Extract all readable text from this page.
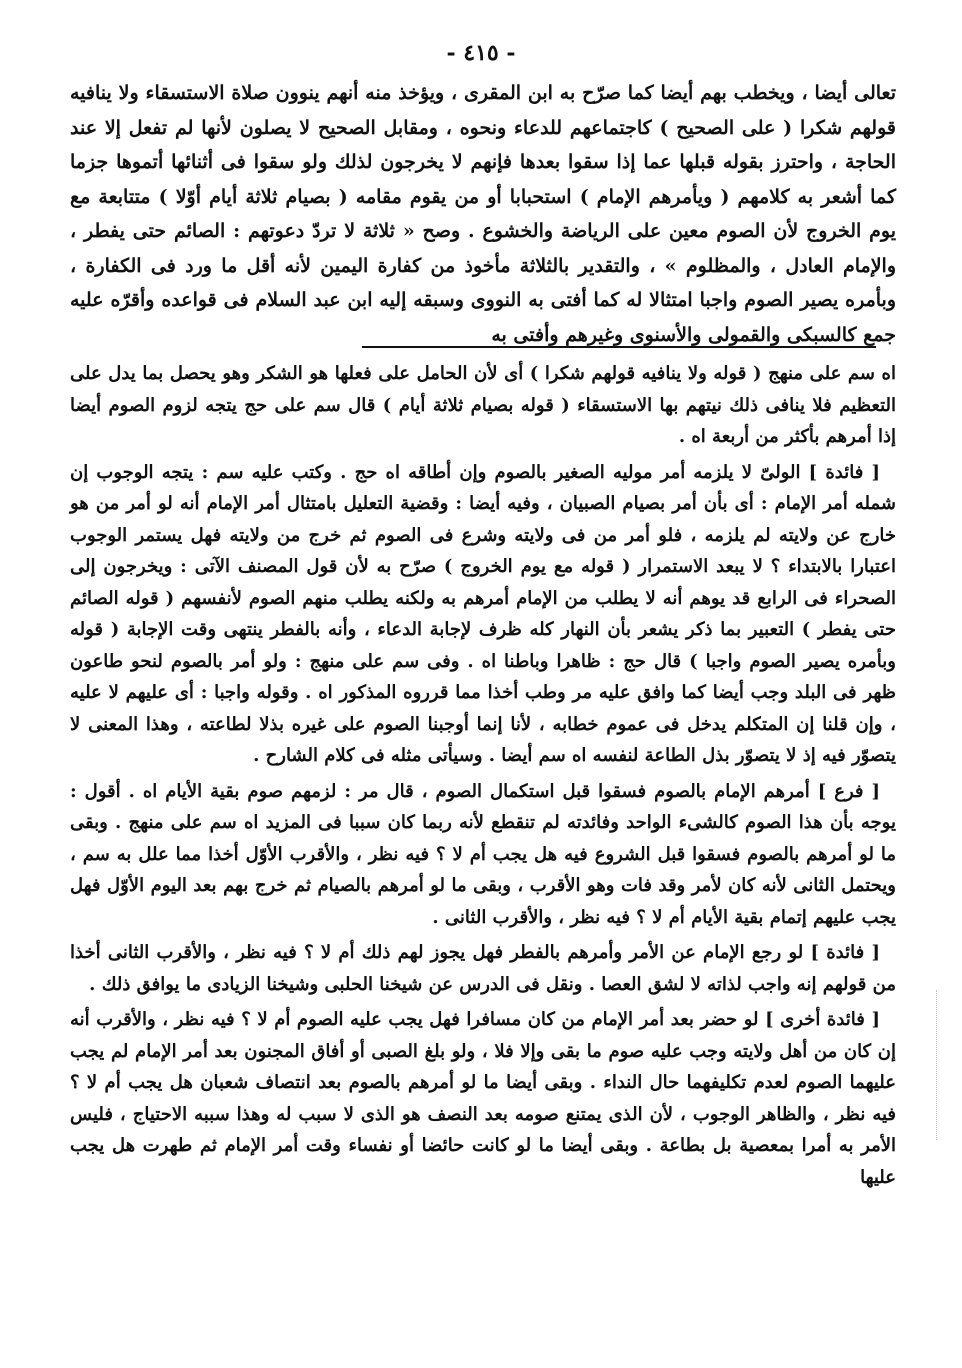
- ٤١٥ -
تعالى أيضا ، ويخطب بهم أيضا كما صرّح به ابن المقرى ، ويؤخذ منه أنهم ينوون صلاة الاستسقاء ولا ينافيه قولهم شكرا ( على الصحيح ) كاجتماعهم للدعاء ونحوه ، ومقابل الصحيح لا يصلون لأنها لم تفعل إلا عند الحاجة ، واحترز بقوله قبلها عما إذا سقوا بعدها فإنهم لا يخرجون لذلك ولو سقوا فى أثنائها أتموها جزما كما أشعر به كلامهم ( ويأمرهم الإمام ) استحبابا أو من يقوم مقامه ( بصيام ثلاثة أيام أوّلا ) متتابعة مع يوم الخروج لأن الصوم معين على الرياضة والخشوع . وصح « ثلاثة لا تردّ دعوتهم : الصائم حتى يفطر ، والإمام العادل ، والمظلوم » ، والتقدير بالثلاثة مأخوذ من كفارة اليمين لأنه أقل ما ورد فى الكفارة ، وبأمره يصير الصوم واجبا امتثالا له كما أفتى به النووى وسبقه إليه ابن عبد السلام فى قواعده وأقرّه عليه جمع كالسبكى والقمولى والأسنوى وغيرهم وأفتى به

اه سم على منهج ( قوله ولا ينافيه قولهم شكرا ) أى لأن الحامل على فعلها هو الشكر وهو يحصل بما يدل على التعظيم فلا ينافى ذلك نيتهم بها الاستسقاء ( قوله بصيام ثلاثة أيام ) قال سم على حج يتجه لزوم الصوم أيضا إذا أمرهم بأكثر من أربعة اه .

[ فائدة ] الولىّ لا يلزمه أمر موليه الصغير بالصوم وإن أطاقه اه حج . وكتب عليه سم : يتجه الوجوب إن شمله أمر الإمام : أى بأن أمر بصيام الصبيان ، وفيه أيضا : وقضية التعليل بامتثال أمر الإمام أنه لو أمر من هو خارج عن ولايته لم يلزمه ، فلو أمر من فى ولايته وشرع فى الصوم ثم خرج من ولايته فهل يستمر الوجوب اعتبارا بالابتداء ؟ لا يبعد الاستمرار ( قوله مع يوم الخروج ) صرّح به لأن قول المصنف الآتى : ويخرجون إلى الصحراء فى الرابع قد يوهم أنه لا يطلب من الإمام أمرهم به ولكنه يطلب منهم الصوم لأنفسهم ( قوله الصائم حتى يفطر ) التعبير بما ذكر يشعر بأن النهار كله ظرف لإجابة الدعاء ، وأنه بالفطر ينتهى وقت الإجابة ( قوله وبأمره يصير الصوم واجبا ) قال حج : ظاهرا وباطنا اه . وفى سم على منهج : ولو أمر بالصوم لنحو طاعون ظهر فى البلد وجب أيضا كما وافق عليه مر وطب أخذا مما قرروه المذكور اه . وقوله واجبا : أى عليهم لا عليه ، وإن قلنا إن المتكلم يدخل فى عموم خطابه ، لأنا إنما أوجبنا الصوم على غيره بذلا لطاعته ، وهذا المعنى لا يتصوّر فيه إذ لا يتصوّر بذل الطاعة لنفسه اه سم أيضا . وسيأتى مثله فى كلام الشارح .

[ فرع ] أمرهم الإمام بالصوم فسقوا قبل استكمال الصوم ، قال مر : لزمهم صوم بقية الأيام اه . أقول : يوجه بأن هذا الصوم كالشىء الواحد وفائدته لم تنقطع لأنه ربما كان سببا فى المزيد اه سم على منهج . وبقى ما لو أمرهم بالصوم فسقوا قبل الشروع فيه هل يجب أم لا ؟ فيه نظر ، والأقرب الأوّل أخذا مما علل به سم ، ويحتمل الثانى لأنه كان لأمر وقد فات وهو الأقرب ، وبقى ما لو أمرهم بالصيام ثم خرج بهم بعد اليوم الأوّل فهل يجب عليهم إتمام بقية الأيام أم لا ؟ فيه نظر ، والأقرب الثانى .

[ فائدة ] لو رجع الإمام عن الأمر وأمرهم بالفطر فهل يجوز لهم ذلك أم لا ؟ فيه نظر ، والأقرب الثانى أخذا من قولهم إنه واجب لذاته لا لشق العصا . ونقل فى الدرس عن شيخنا الحلبى وشيخنا الزيادى ما يوافق ذلك .

[ فائدة أخرى ] لو حضر بعد أمر الإمام من كان مسافرا فهل يجب عليه الصوم أم لا ؟ فيه نظر ، والأقرب أنه إن كان من أهل ولايته وجب عليه صوم ما بقى وإلا فلا ، ولو بلغ الصبى أو أفاق المجنون بعد أمر الإمام لم يجب عليهما الصوم لعدم تكليفهما حال النداء . وبقى أيضا ما لو أمرهم بالصوم بعد انتصاف شعبان هل يجب أم لا ؟ فيه نظر ، والظاهر الوجوب ، لأن الذى يمتنع صومه بعد النصف هو الذى لا سبب له وهذا سببه الاحتياج ، فليس الأمر به أمرا بمعصية بل بطاعة . وبقى أيضا ما لو كانت حائضا أو نفساء وقت أمر الإمام ثم طهرت هل يجب عليها
